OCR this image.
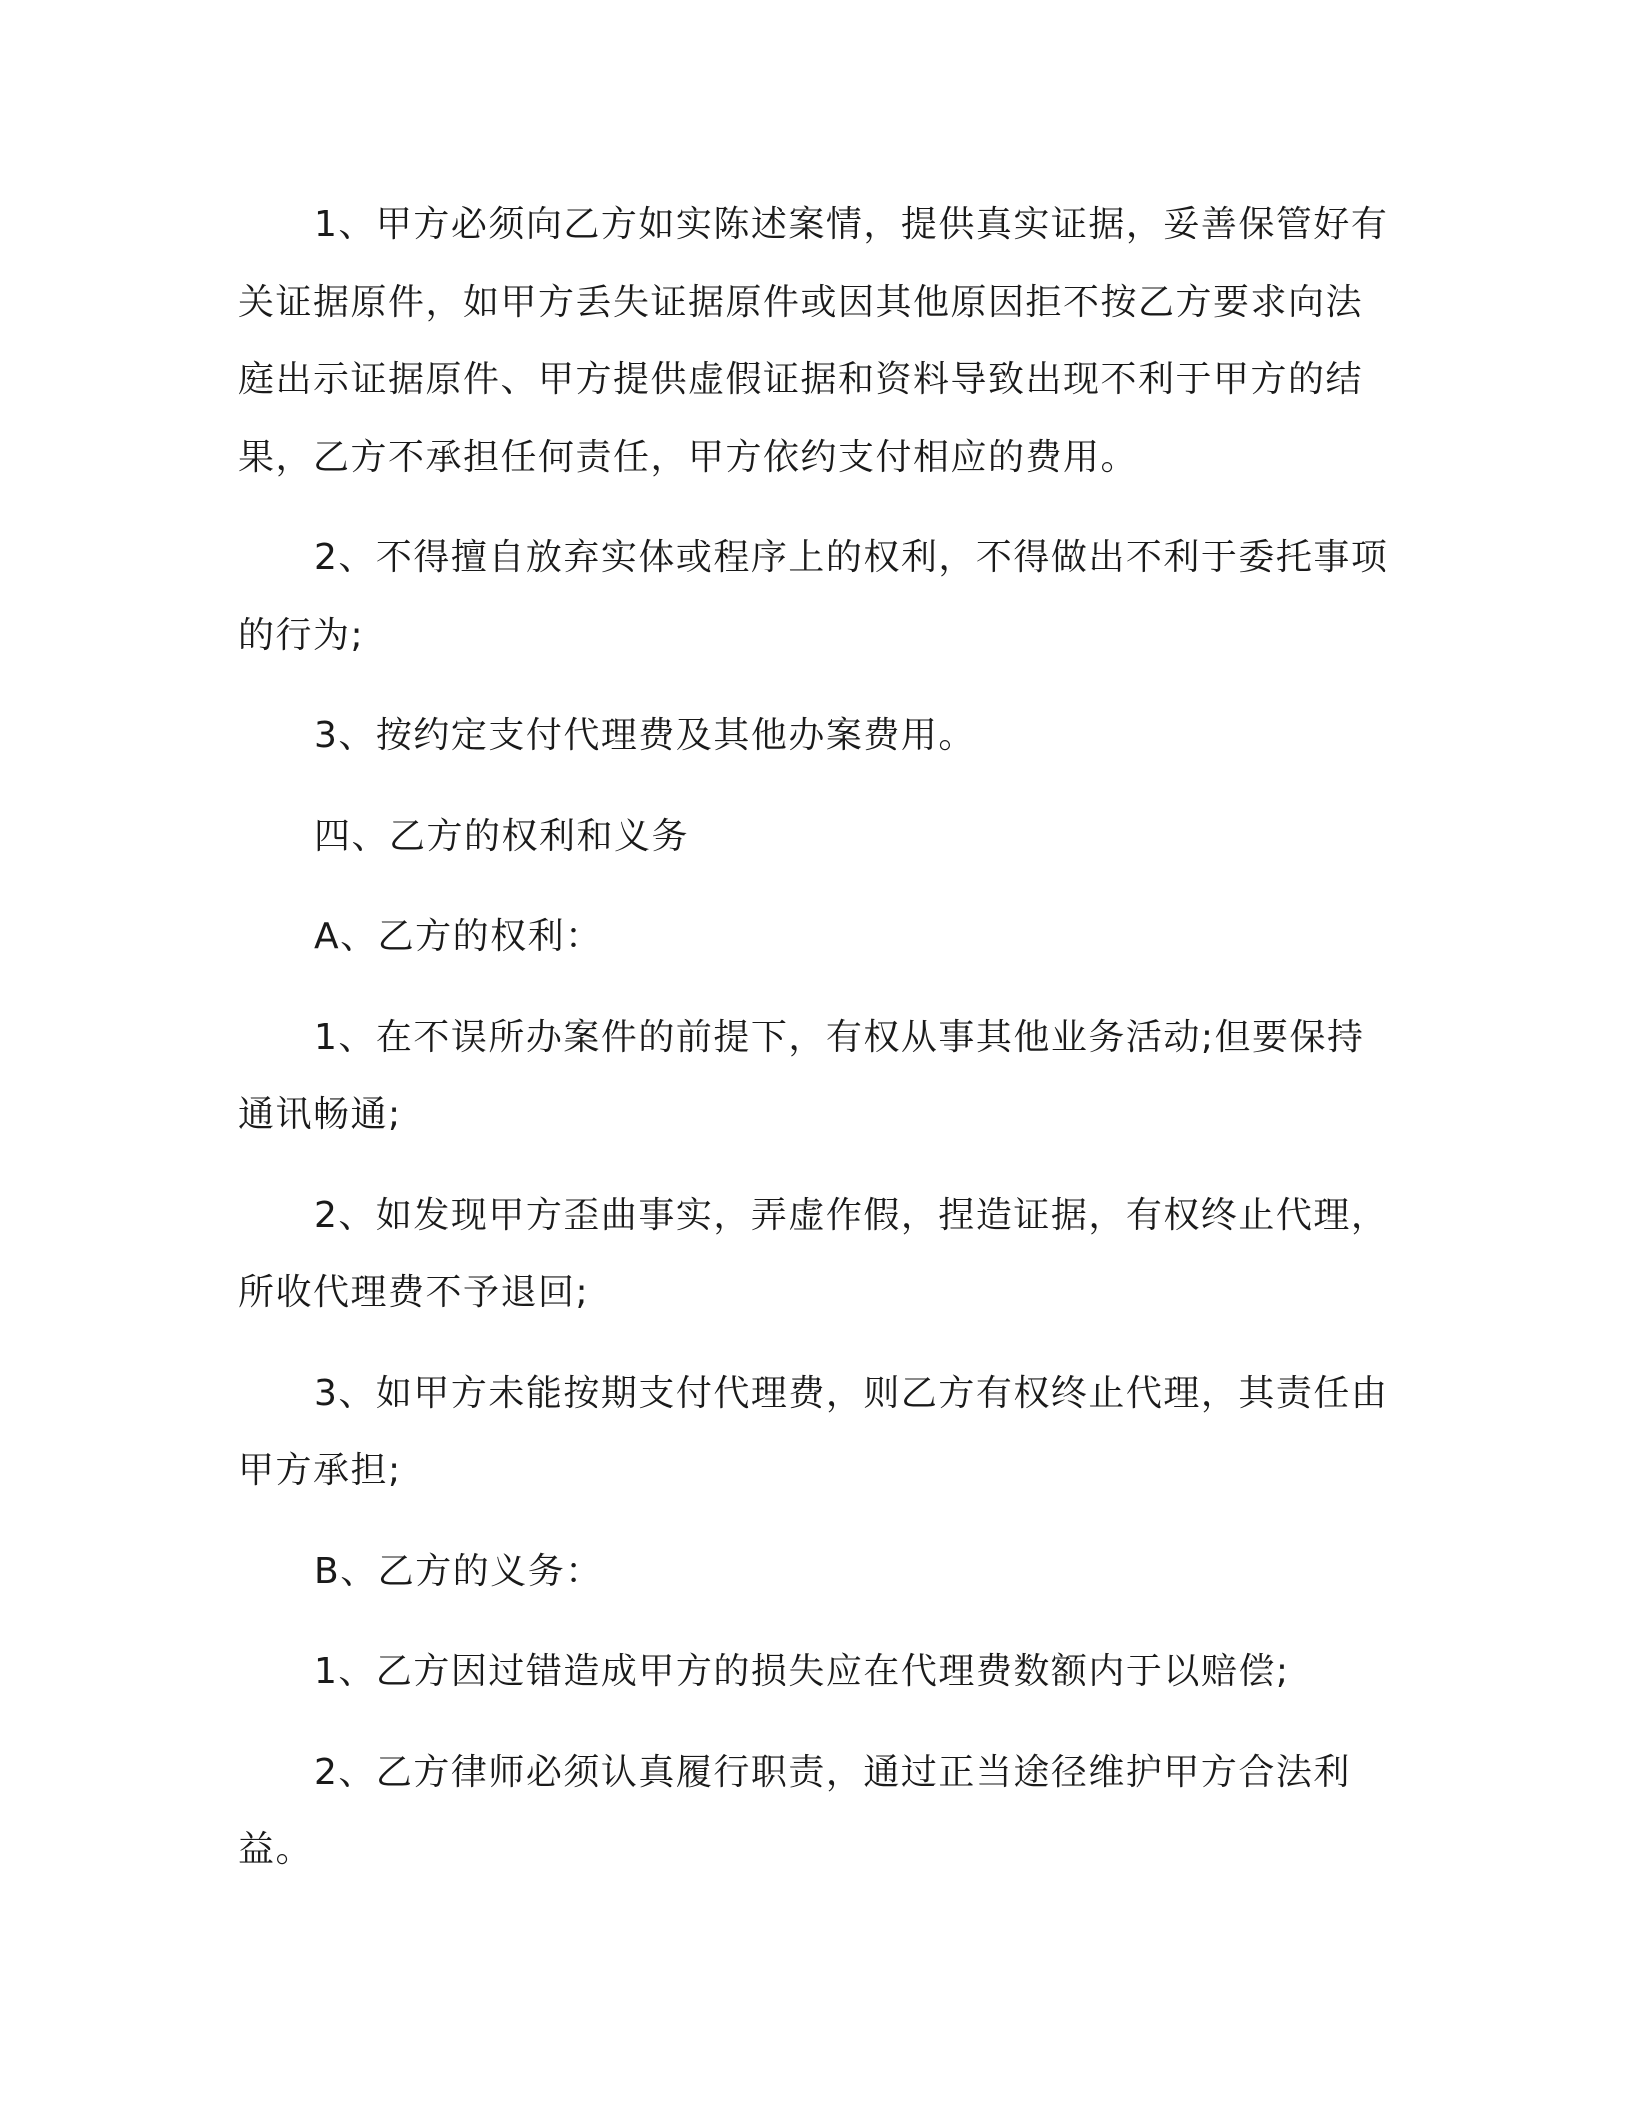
1、甲方必须向乙方如实陈述案情，提供真实证据，妥善保管好有关证据原件，如甲方丢失证据原件或因其他原因拒不按乙方要求向法庭出示证据原件、甲方提供虚假证据和资料导致出现不利于甲方的结果，乙方不承担任何责任，甲方依约支付相应的费用。

2、不得擅自放弃实体或程序上的权利，不得做出不利于委托事项的行为;

3、按约定支付代理费及其他办案费用。

四、乙方的权利和义务

A、乙方的权利：

1、在不误所办案件的前提下，有权从事其他业务活动;但要保持通讯畅通;

2、如发现甲方歪曲事实，弄虚作假，捏造证据，有权终止代理，所收代理费不予退回;

3、如甲方未能按期支付代理费，则乙方有权终止代理，其责任由甲方承担;

B、乙方的义务：

1、乙方因过错造成甲方的损失应在代理费数额内于以赔偿;

2、乙方律师必须认真履行职责，通过正当途径维护甲方合法利益。
